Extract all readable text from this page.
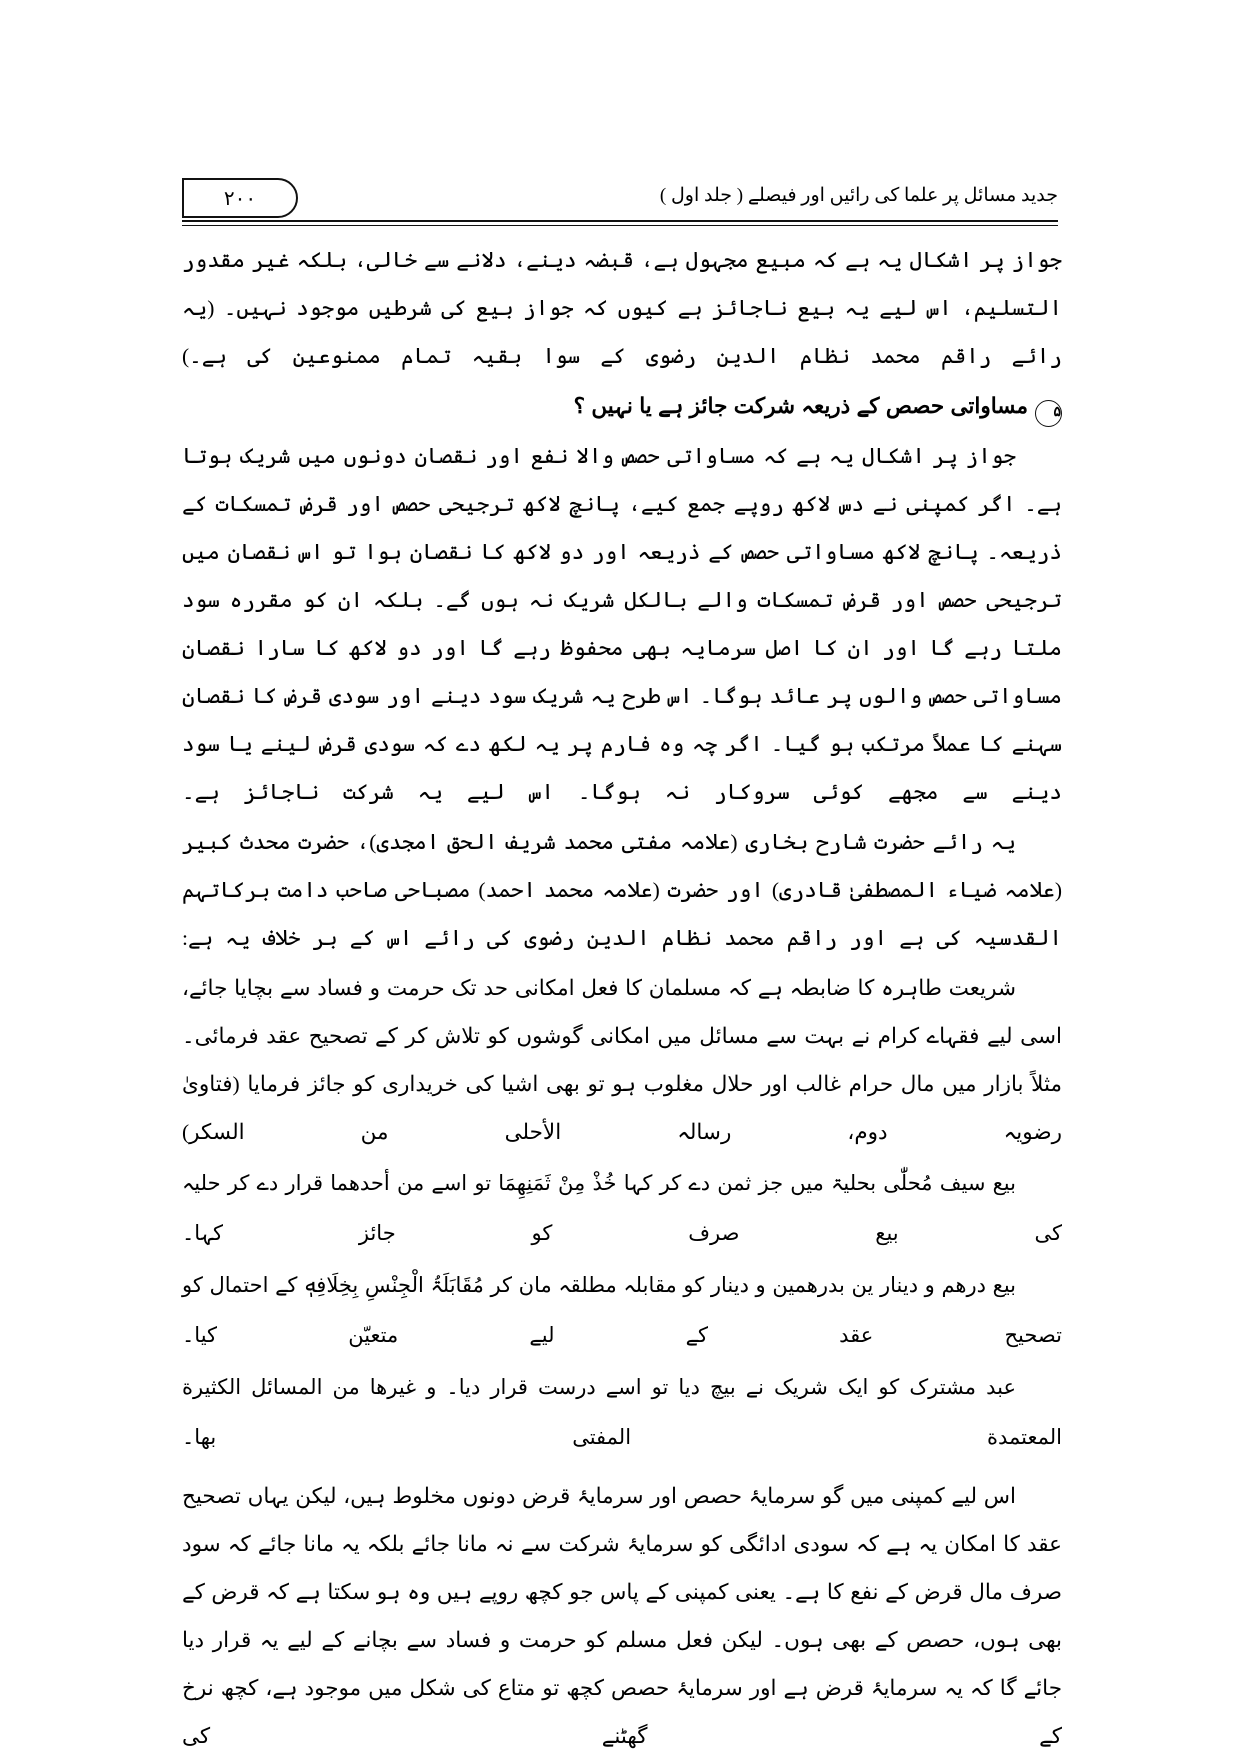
۲۰۰	جدید مسائل پر علما کی رائیں اور فیصلے ( جلد اول )

جواز پر اشکال یہ ہے کہ مبیع مجہول ہے، قبضہ دینے، دلانے سے خالی، بلکہ غیر مقدور التسلیم، اس لیے یہ بیع ناجائز ہے کیوں کہ جواز بیع کی شرطیں موجود نہیں۔ (یہ رائے راقم محمد نظام الدین رضوی کے سوا بقیہ تمام ممنوعین کی ہے۔)

۵مساواتی حصص کے ذریعہ شرکت جائز ہے یا نہیں ؟

جواز پر اشکال یہ ہے کہ مساواتی حصص والا نفع اور نقصان دونوں میں شریک ہوتا ہے۔ اگر کمپنی نے دس لاکھ روپے جمع کیے، پانچ لاکھ ترجیحی حصص اور قرض تمسکات کے ذریعہ۔ پانچ لاکھ مساواتی حصص کے ذریعہ اور دو لاکھ کا نقصان ہوا تو اس نقصان میں ترجیحی حصص اور قرض تمسکات والے بالکل شریک نہ ہوں گے۔ بلکہ ان کو مقررہ سود ملتا رہے گا اور ان کا اصل سرمایہ بھی محفوظ رہے گا اور دو لاکھ کا سارا نقصان مساواتی حصص والوں پر عائد ہوگا۔ اس طرح یہ شریک سود دینے اور سودی قرض کا نقصان سہنے کا عملاً مرتکب ہو گیا۔ اگر چہ وہ فارم پر یہ لکھ دے کہ سودی قرض لینے یا سود دینے سے مجھے کوئی سروکار نہ ہوگا۔ اس لیے یہ شرکت ناجائز ہے۔

یہ رائے حضرت شارح بخاری (علامہ مفتی محمد شریف الحق امجدی)، حضرت محدث کبیر (علامہ ضیاء المصطفیٰ قادری) اور حضرت (علامہ محمد احمد) مصباحی صاحب دامت برکاتہم القدسیہ کی ہے اور راقم محمد نظام الدین رضوی کی رائے اس کے بر خلاف یہ ہے:

شریعت طاہرہ کا ضابطہ ہے کہ مسلمان کا فعل امکانی حد تک حرمت و فساد سے بچایا جائے، اسی لیے فقہاے کرام نے بہت سے مسائل میں امکانی گوشوں کو تلاش کر کے تصحیح عقد فرمائی۔ مثلاً بازار میں مال حرام غالب اور حلال مغلوب ہو تو بھی اشیا کی خریداری کو جائز فرمایا (فتاویٰ رضویہ دوم، رسالہ الأحلی من السکر)

بیع سیف مُحلّٰی بحلیۃ میں جز ثمن دے کر کہا خُذْ مِنْ ثَمَنِهِمَا تو اسے من أحدهما قرار دے کر حلیہ کی بیع صرف کو جائز کہا۔

بیع درهم و دینار ین بدرهمین و دینار کو مقابلہ مطلقہ مان کر مُقَابَلَۃُ الْجِنْسِ بِخِلَافِهٖ کے احتمال کو تصحیح عقد کے لیے متعیّن کیا۔

عبد مشترک کو ایک شریک نے بیچ دیا تو اسے درست قرار دیا۔ و غیرها من المسائل الكثيرة المعتمدة المفتى بها۔

اس لیے کمپنی میں گو سرمایۂ حصص اور سرمایۂ قرض دونوں مخلوط ہیں، لیکن یہاں تصحیح عقد کا امکان یہ ہے کہ سودی ادائگی کو سرمایۂ شرکت سے نہ مانا جائے بلکہ یہ مانا جائے کہ سود صرف مال قرض کے نفع کا ہے۔ یعنی کمپنی کے پاس جو کچھ روپے ہیں وہ ہو سکتا ہے کہ قرض کے بھی ہوں، حصص کے بھی ہوں۔ لیکن فعل مسلم کو حرمت و فساد سے بچانے کے لیے یہ قرار دیا جائے گا کہ یہ سرمایۂ قرض ہے اور سرمایۂ حصص کچھ تو متاع کی شکل میں موجود ہے، کچھ نرخ کے گھٹنے کی
